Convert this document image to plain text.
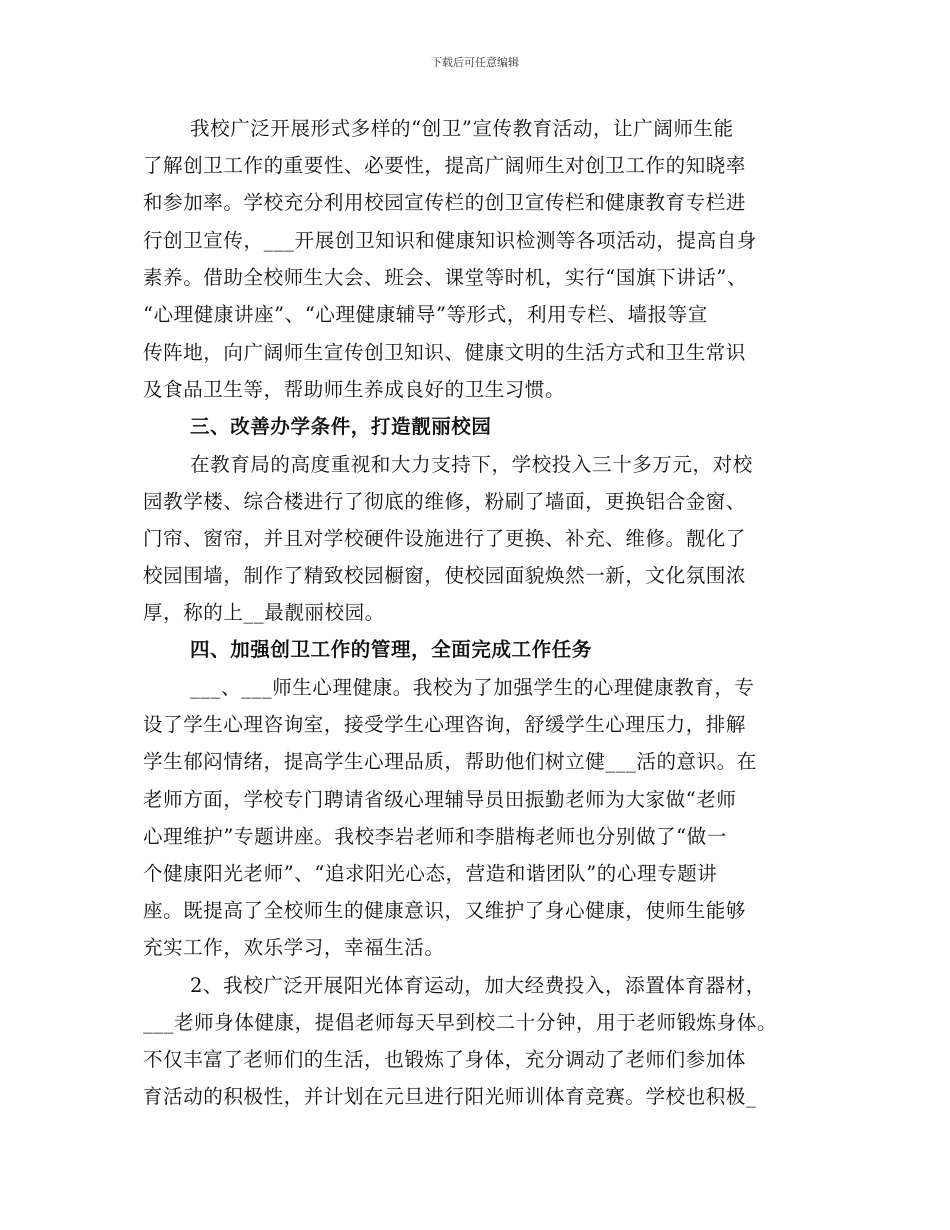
下载后可任意编辑
我校广泛开展形式多样的“创卫”宣传教育活动，让广阔师生能
了解创卫工作的重要性、必要性，提高广阔师生对创卫工作的知晓率
和参加率。学校充分利用校园宣传栏的创卫宣传栏和健康教育专栏进
行创卫宣传，___开展创卫知识和健康知识检测等各项活动，提高自身
素养。借助全校师生大会、班会、课堂等时机，实行“国旗下讲话”、
“心理健康讲座”、“心理健康辅导”等形式，利用专栏、墙报等宣
传阵地，向广阔师生宣传创卫知识、健康文明的生活方式和卫生常识
及食品卫生等，帮助师生养成良好的卫生习惯。
三、改善办学条件，打造靓丽校园
在教育局的高度重视和大力支持下，学校投入三十多万元，对校
园教学楼、综合楼进行了彻底的维修，粉刷了墙面，更换铝合金窗、
门帘、窗帘，并且对学校硬件设施进行了更换、补充、维修。靓化了
校园围墙，制作了精致校园橱窗，使校园面貌焕然一新，文化氛围浓
厚，称的上__最靓丽校园。
四、加强创卫工作的管理，全面完成工作任务
___、___师生心理健康。我校为了加强学生的心理健康教育，专
设了学生心理咨询室，接受学生心理咨询，舒缓学生心理压力，排解
学生郁闷情绪，提高学生心理品质，帮助他们树立健___活的意识。在
老师方面，学校专门聘请省级心理辅导员田振勤老师为大家做“老师
心理维护”专题讲座。我校李岩老师和李腊梅老师也分别做了“做一
个健康阳光老师”、“追求阳光心态，营造和谐团队”的心理专题讲
座。既提高了全校师生的健康意识，又维护了身心健康，使师生能够
充实工作，欢乐学习，幸福生活。
2、我校广泛开展阳光体育运动，加大经费投入，添置体育器材，
___老师身体健康，提倡老师每天早到校二十分钟，用于老师锻炼身体。
不仅丰富了老师们的生活，也锻炼了身体，充分调动了老师们参加体
育活动的积极性，并计划在元旦进行阳光师训体育竞赛。学校也积极_
